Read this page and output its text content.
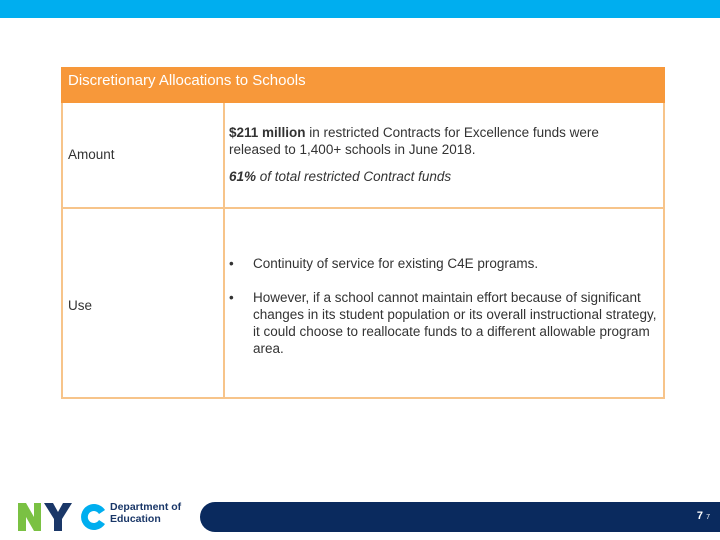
Discretionary Allocations to Schools
Amount
$211 million in restricted Contracts for Excellence funds were released to 1,400+ schools in June 2018.
61% of total restricted Contract funds
Use
• Continuity of service for existing C4E programs.
• However, if a school cannot maintain effort because of significant changes in its student population or its overall instructional strategy, it could choose to reallocate funds to a different allowable program area.
Department of
Education	7 7
